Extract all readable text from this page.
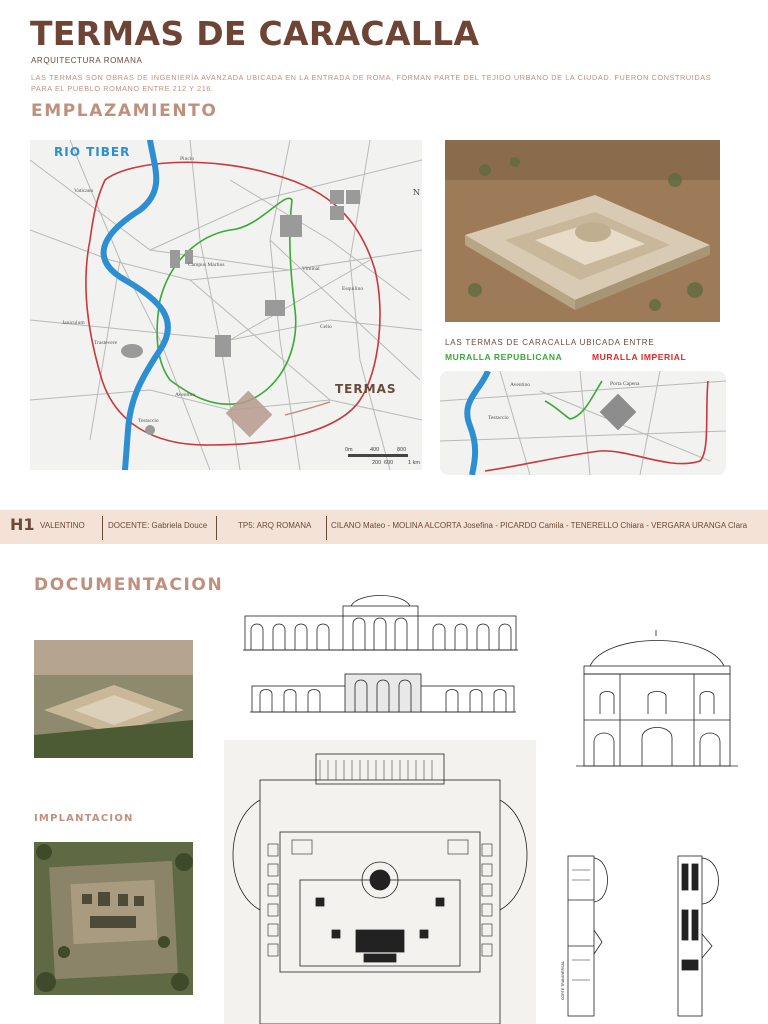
TERMAS DE CARACALLA
ARQUITECTURA ROMANA
LAS TERMAS SON OBRAS DE INGENIERÍA AVANZADA UBICADA EN LA ENTRADA DE ROMA, FORMAN PARTE DEL TEJIDO URBANO DE LA CIUDAD. FUERON CONSTRUIDAS PARA EL PUEBLO ROMANO ENTRE 212 Y 216.
EMPLAZAMIENTO
N
Vaticano
Campus Martius
Viminal
Esquilino
Janiculum
Trastevere
Aventino
Celio
Testaccio
Pincio
0m
200
400
600
800
1 km
RIO TIBER
TERMAS
LAS TERMAS DE CARACALLA UBICADA ENTRE
MURALLA REPUBLICANA	MURALLA IMPERIAL
Aventino
Testaccio
Porta Capena
H1 VALENTINO	DOCENTE: Gabriela Douce	TP5: ARQ ROMANA CILANO Mateo - MOLINA ALCORTA Josefina - PICARDO Camila - TENERELLO Chiara - VERGARA URANGA Clara
DOCUMENTACION
IMPLANTACION
CORTE TRANSVERSAL
